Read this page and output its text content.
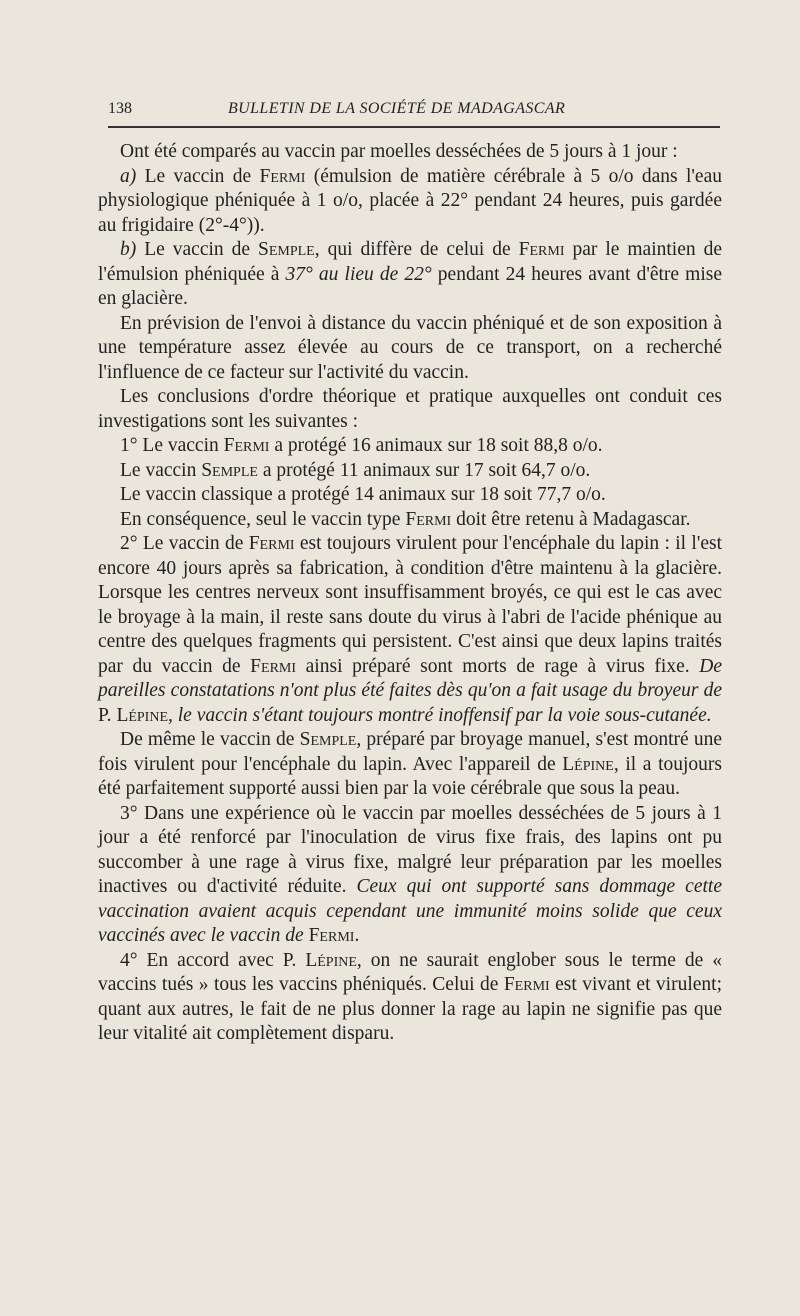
138	BULLETIN DE LA SOCIÉTÉ DE MADAGASCAR

Ont été comparés au vaccin par moelles desséchées de 5 jours à 1 jour :

a) Le vaccin de Fermi (émulsion de matière cérébrale à 5 o/o dans l'eau physiologique phéniquée à 1 o/o, placée à 22° pendant 24 heures, puis gardée au frigidaire (2°-4°)).

b) Le vaccin de Semple, qui diffère de celui de Fermi par le maintien de l'émulsion phéniquée à 37° au lieu de 22° pendant 24 heures avant d'être mise en glacière.

En prévision de l'envoi à distance du vaccin phéniqué et de son exposition à une température assez élevée au cours de ce transport, on a recherché l'influence de ce facteur sur l'activité du vaccin.

Les conclusions d'ordre théorique et pratique auxquelles ont conduit ces investigations sont les suivantes :

1° Le vaccin Fermi a protégé 16 animaux sur 18 soit 88,8 o/o.

Le vaccin Semple a protégé 11 animaux sur 17 soit 64,7 o/o.

Le vaccin classique a protégé 14 animaux sur 18 soit 77,7 o/o.

En conséquence, seul le vaccin type Fermi doit être retenu à Madagascar.

2° Le vaccin de Fermi est toujours virulent pour l'encéphale du lapin : il l'est encore 40 jours après sa fabrication, à condition d'être maintenu à la glacière. Lorsque les centres nerveux sont insuffisamment broyés, ce qui est le cas avec le broyage à la main, il reste sans doute du virus à l'abri de l'acide phénique au centre des quelques fragments qui persistent. C'est ainsi que deux lapins traités par du vaccin de Fermi ainsi préparé sont morts de rage à virus fixe. De pareilles constatations n'ont plus été faites dès qu'on a fait usage du broyeur de P. Lépine, le vaccin s'étant toujours montré inoffensif par la voie sous-cutanée.

De même le vaccin de Semple, préparé par broyage manuel, s'est montré une fois virulent pour l'encéphale du lapin. Avec l'appareil de Lépine, il a toujours été parfaitement supporté aussi bien par la voie cérébrale que sous la peau.

3° Dans une expérience où le vaccin par moelles desséchées de 5 jours à 1 jour a été renforcé par l'inoculation de virus fixe frais, des lapins ont pu succomber à une rage à virus fixe, malgré leur préparation par les moelles inactives ou d'activité réduite. Ceux qui ont supporté sans dommage cette vaccination avaient acquis cependant une immunité moins solide que ceux vaccinés avec le vaccin de Fermi.

4° En accord avec P. Lépine, on ne saurait englober sous le terme de « vaccins tués » tous les vaccins phéniqués. Celui de Fermi est vivant et virulent; quant aux autres, le fait de ne plus donner la rage au lapin ne signifie pas que leur vitalité ait complètement disparu.
